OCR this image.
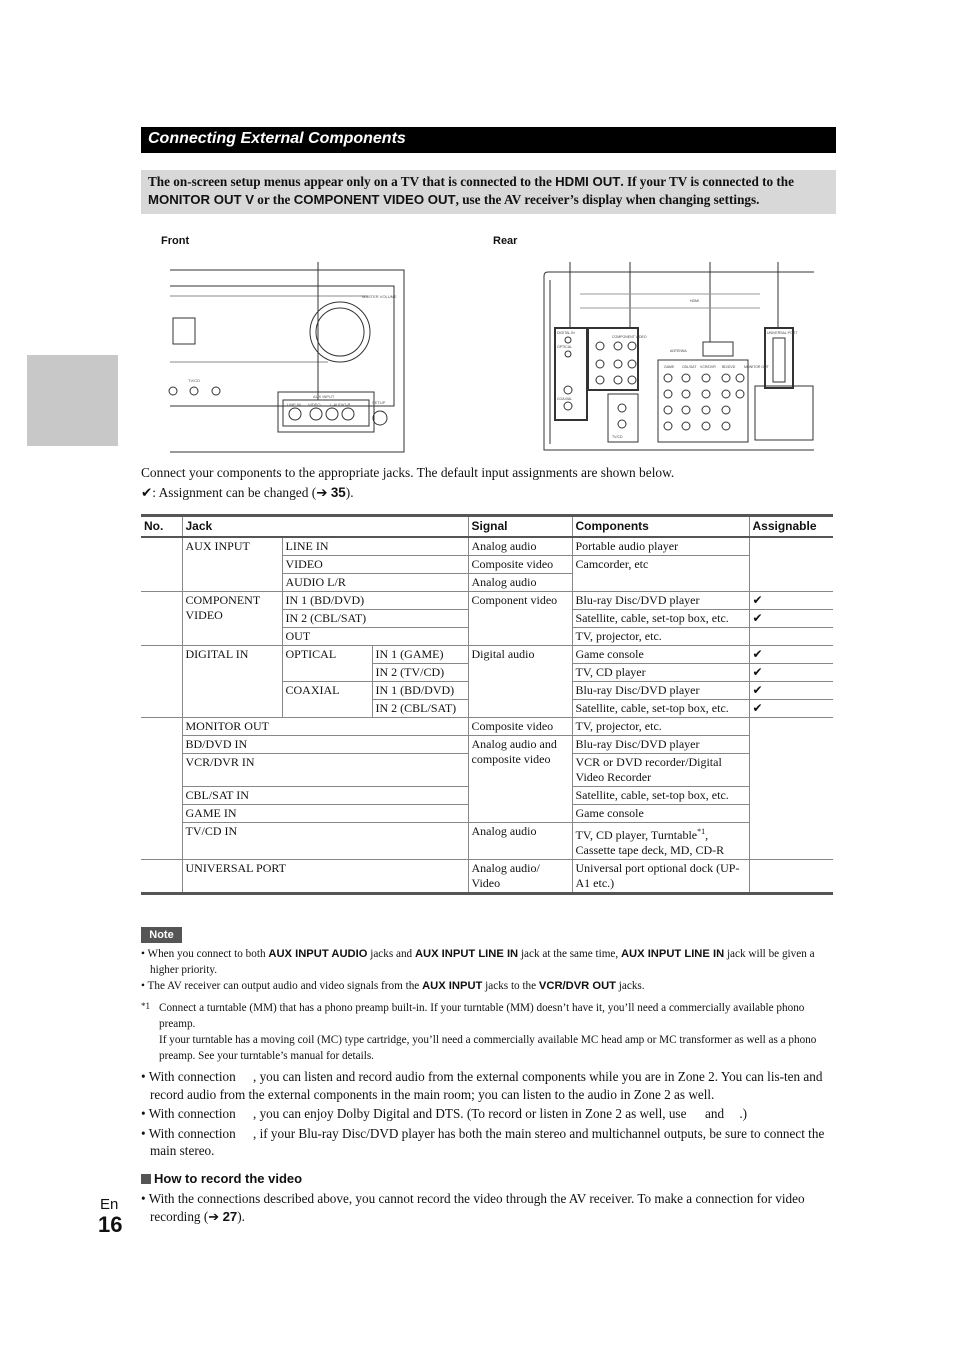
Connecting External Components
The on-screen setup menus appear only on a TV that is connected to the HDMI OUT. If your TV is connected to the MONITOR OUT V or the COMPONENT VIDEO OUT, use the AV receiver’s display when changing settings.
Front	Rear
MASTER VOLUME
TV/CD
SETUP
AUX INPUT
LINE IN VIDEO L-AUDIO-R
DIGITAL IN
OPTICAL
COAXIAL
COMPONENT VIDEO
ANTENNA
UNIVERSAL PORT
MONITOR OUT
GAME CBL/SAT VCR/DVR BD/DVD
TV/CD
HDMI
Connect your components to the appropriate jacks. The default input assignments are shown below.
✔: Assignment can be changed (➔ 35).
No.	Jack			Signal	Components	Assignable
	AUX INPUT	LINE IN		Analog audio	Portable audio player	
		VIDEO		Composite video	Camcorder, etc	
		AUDIO L/R		Analog audio		
	COMPONENT VIDEO	IN 1 (BD/DVD)		Component video	Blu-ray Disc/DVD player	✔
		IN 2 (CBL/SAT)			Satellite, cable, set-top box, etc.	✔
		OUT			TV, projector, etc.	
	DIGITAL IN	OPTICAL	IN 1 (GAME)	Digital audio	Game console	✔
			IN 2 (TV/CD)		TV, CD player	✔
		COAXIAL	IN 1 (BD/DVD)		Blu-ray Disc/DVD player	✔
			IN 2 (CBL/SAT)		Satellite, cable, set-top box, etc.	✔
	MONITOR OUT			Composite video	TV, projector, etc.	
	BD/DVD IN			Analog audio and composite video	Blu-ray Disc/DVD player	
	VCR/DVR IN				VCR or DVD recorder/Digital Video Recorder	
	CBL/SAT IN				Satellite, cable, set-top box, etc.	
	GAME IN				Game console	
	TV/CD IN			Analog audio	TV, CD player, Turntable$^{*1}$, Cassette tape deck, MD, CD-R	
	UNIVERSAL PORT			Analog audio/ Video	Universal port optional dock (UP-A1 etc.)	
Note
• When you connect to both AUX INPUT AUDIO jacks and AUX INPUT LINE IN jack at the same time, AUX INPUT LINE IN jack will be given a higher priority.
• The AV receiver can output audio and video signals from the AUX INPUT jacks to the VCR/DVR OUT jacks.
*1 Connect a turntable (MM) that has a phono preamp built-in. If your turntable (MM) doesn’t have it, you’ll need a commercially available phono preamp.
If your turntable has a moving coil (MC) type cartridge, you’ll need a commercially available MC head amp or MC transformer as well as a phono preamp. See your turntable’s manual for details.
• With connection , you can listen and record audio from the external components while you are in Zone 2. You can lis-ten and record audio from the external components in the main room; you can listen to the audio in Zone 2 as well.
• With connection , you can enjoy Dolby Digital and DTS. (To record or listen in Zone 2 as well, use  and .)
• With connection , if your Blu-ray Disc/DVD player has both the main stereo and multichannel outputs, be sure to connect the main stereo.
How to record the video
• With the connections described above, you cannot record the video through the AV receiver. To make a connection for video recording (➔ 27).
En
16
